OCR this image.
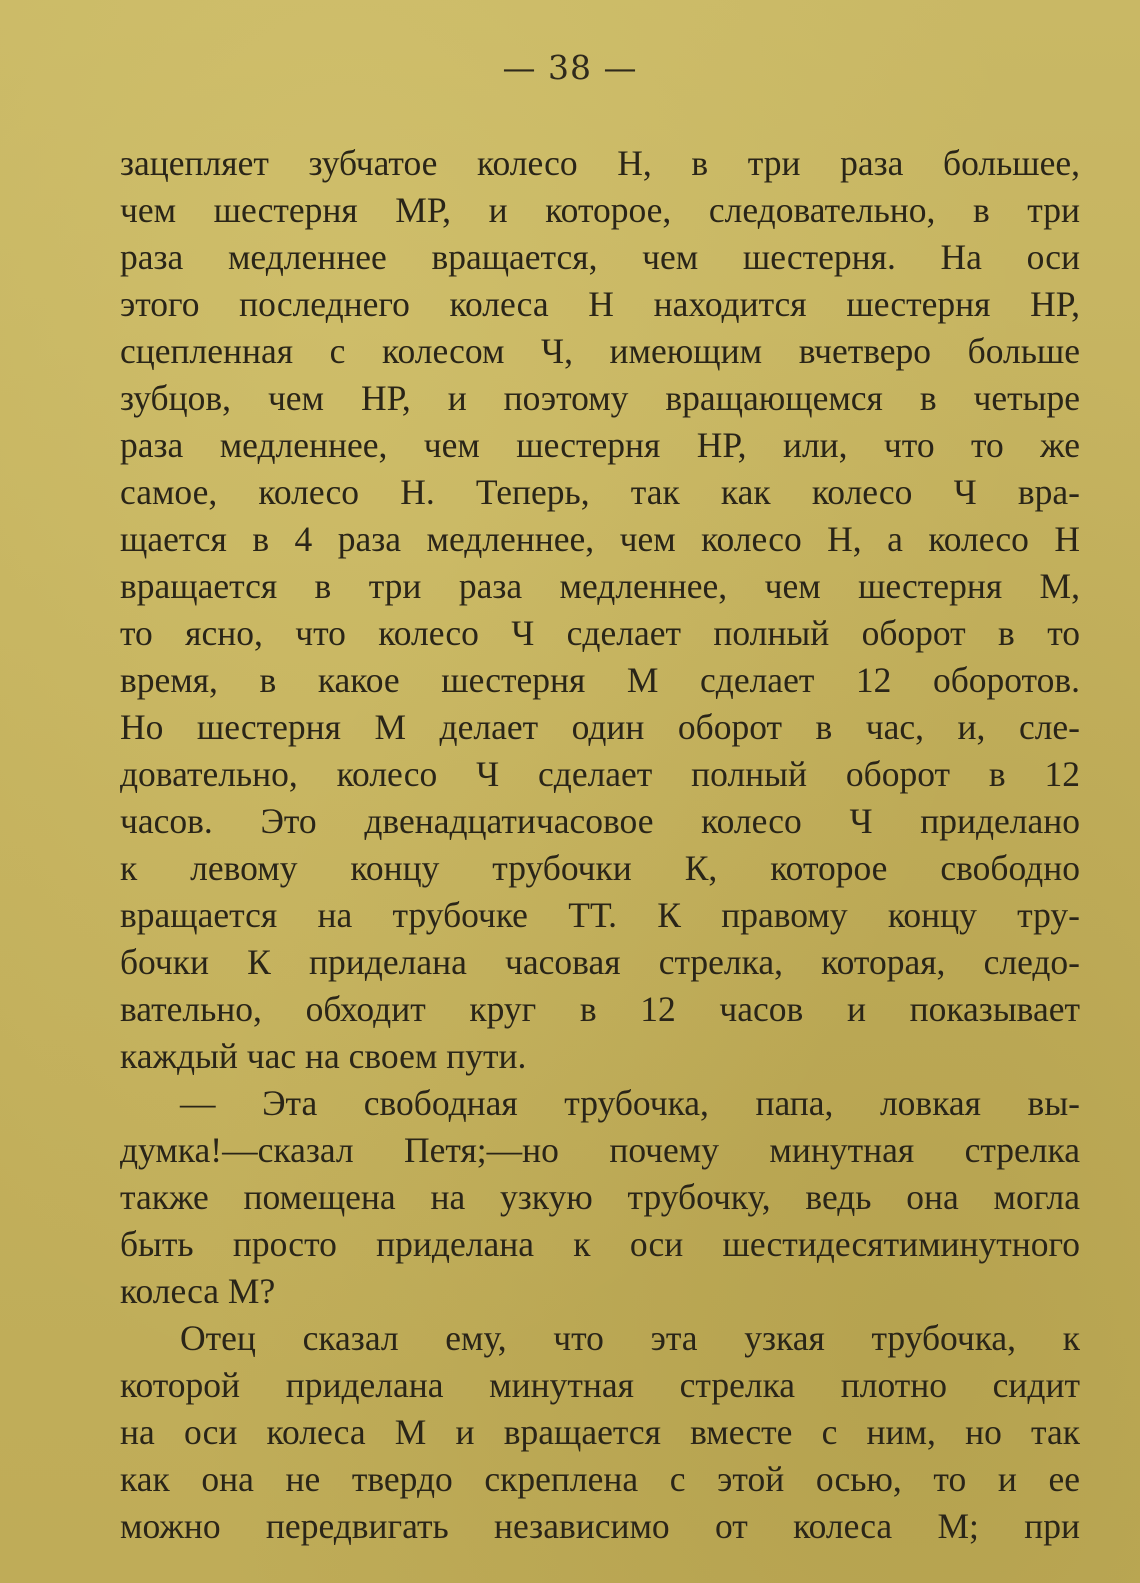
— 38 —
зацепляет зубчатое колесо Н, в три раза большее,
чем шестерня МР, и которое, следовательно, в три
раза медленнее вращается, чем шестерня. На оси
этого последнего колеса Н находится шестерня НР,
сцепленная с колесом Ч, имеющим вчетверо больше
зубцов, чем НР, и поэтому вращающемся в четыре
раза медленнее, чем шестерня НР, или, что то же
самое, колесо Н. Теперь, так как колесо Ч вра-
щается в 4 раза медленнее, чем колесо Н, а колесо Н
вращается в три раза медленнее, чем шестерня М,
то ясно, что колесо Ч сделает полный оборот в то
время, в какое шестерня М сделает 12 оборотов.
Но шестерня М делает один оборот в час, и, сле-
довательно, колесо Ч сделает полный оборот в 12
часов. Это двенадцатичасовое колесо Ч приделано
к левому концу трубочки К, которое свободно
вращается на трубочке ТТ. К правому концу тру-
бочки К приделана часовая стрелка, которая, следо-
вательно, обходит круг в 12 часов и показывает
каждый час на своем пути.
— Эта свободная трубочка, папа, ловкая вы-
думка!—сказал Петя;—но почему минутная стрелка
также помещена на узкую трубочку, ведь она могла
быть просто приделана к оси шестидесятиминутного
колеса М?
Отец сказал ему, что эта узкая трубочка, к
которой приделана минутная стрелка плотно сидит
на оси колеса М и вращается вместе с ним, но так
как она не твердо скреплена с этой осью, то и ее
можно передвигать независимо от колеса М; при
